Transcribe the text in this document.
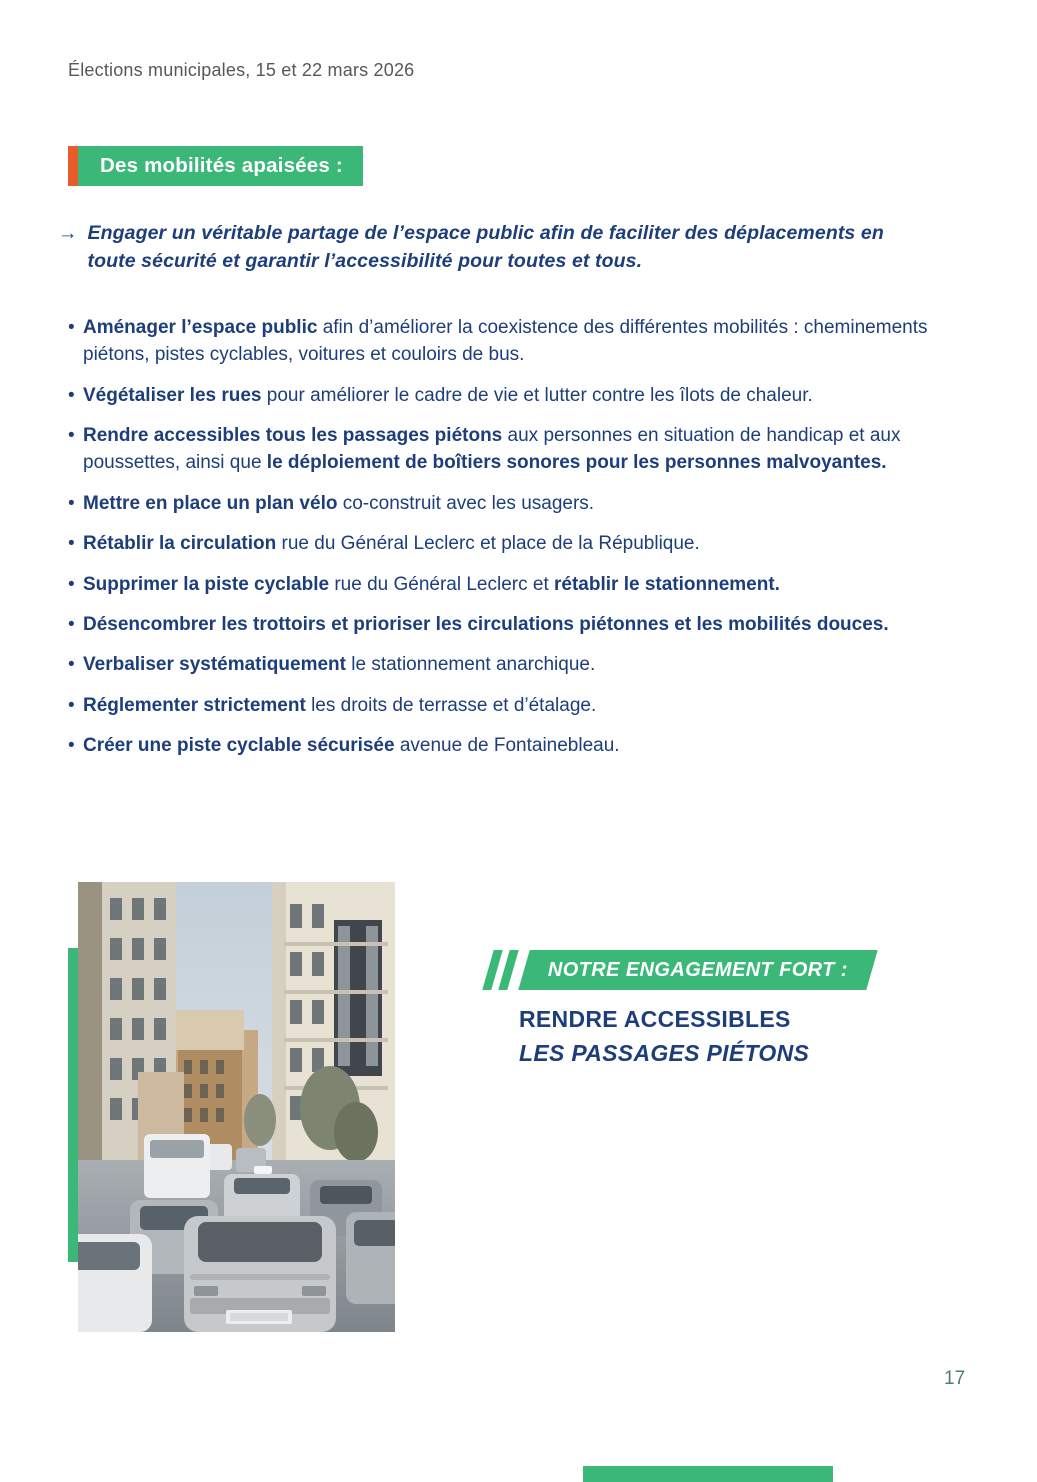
Élections municipales, 15 et 22 mars 2026
Des mobilités apaisées :
→ Engager un véritable partage de l’espace public afin de faciliter des déplacements en toute sécurité et garantir l’accessibilité pour toutes et tous.
• Aménager l’espace public afin d’améliorer la coexistence des différentes mobilités : cheminements piétons, pistes cyclables, voitures et couloirs de bus.
• Végétaliser les rues pour améliorer le cadre de vie et lutter contre les îlots de chaleur.
• Rendre accessibles tous les passages piétons aux personnes en situation de handicap et aux poussettes, ainsi que le déploiement de boîtiers sonores pour les personnes malvoyantes.
• Mettre en place un plan vélo co-construit avec les usagers.
• Rétablir la circulation rue du Général Leclerc et place de la République.
• Supprimer la piste cyclable rue du Général Leclerc et rétablir le stationnement.
• Désencombrer les trottoirs et prioriser les circulations piétonnes et les mobilités douces.
• Verbaliser systématiquement le stationnement anarchique.
• Réglementer strictement les droits de terrasse et d’étalage.
• Créer une piste cyclable sécurisée avenue de Fontainebleau.
NOTRE ENGAGEMENT FORT :
RENDRE ACCESSIBLES
LES PASSAGES PIÉTONS
17
